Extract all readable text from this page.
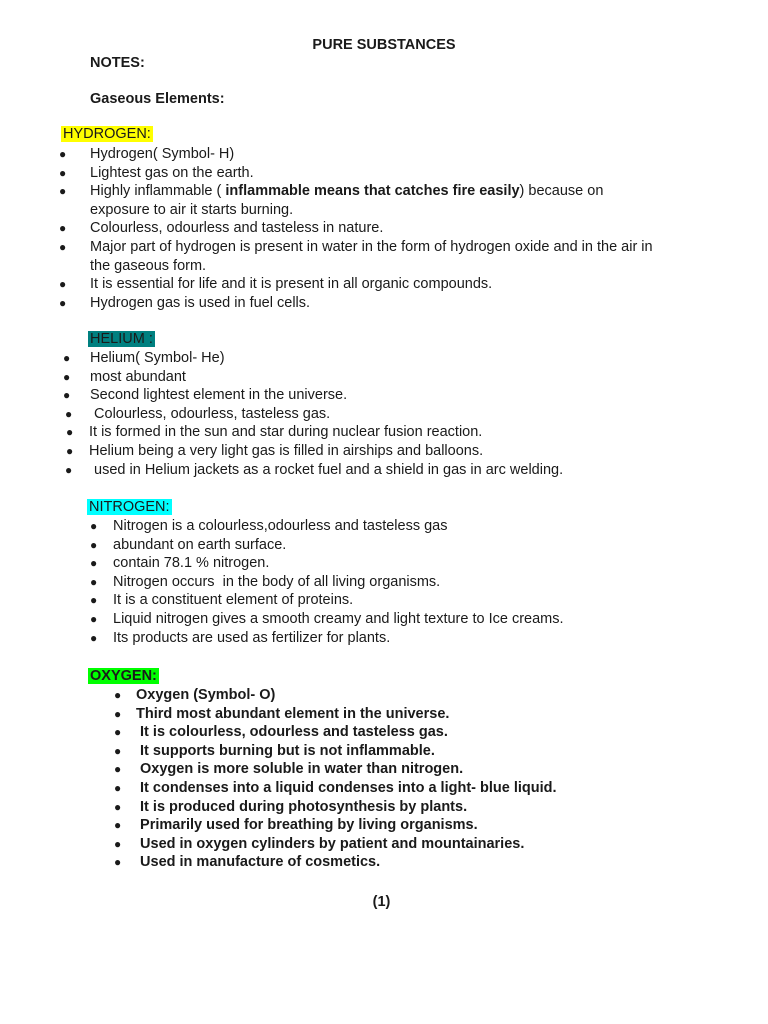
PURE SUBSTANCES
NOTES:
Gaseous Elements:
HYDROGEN:
● Hydrogen( Symbol- H)
● Lightest gas on the earth.
● Highly inflammable ( inflammable means that catches fire easily) because on
exposure to air it starts burning.
● Colourless, odourless and tasteless in nature.
● Major part of hydrogen is present in water in the form of hydrogen oxide and in the air in
the gaseous form.
● It is essential for life and it is present in all organic compounds.
● Hydrogen gas is used in fuel cells.
HELIUM :
● Helium( Symbol- He)
● most abundant
● Second lightest element in the universe.
● Colourless, odourless, tasteless gas.
● It is formed in the sun and star during nuclear fusion reaction.
● Helium being a very light gas is filled in airships and balloons.
● used in Helium jackets as a rocket fuel and a shield in gas in arc welding.
NITROGEN:
● Nitrogen is a colourless,odourless and tasteless gas
● abundant on earth surface.
● contain 78.1 % nitrogen.
● Nitrogen occurs  in the body of all living organisms.
● It is a constituent element of proteins.
● Liquid nitrogen gives a smooth creamy and light texture to Ice creams.
● Its products are used as fertilizer for plants.
OXYGEN:
● Oxygen (Symbol- O)
● Third most abundant element in the universe.
● It is colourless, odourless and tasteless gas.
● It supports burning but is not inflammable.
● Oxygen is more soluble in water than nitrogen.
● It condenses into a liquid condenses into a light- blue liquid.
● It is produced during photosynthesis by plants.
● Primarily used for breathing by living organisms.
● Used in oxygen cylinders by patient and mountainaries.
● Used in manufacture of cosmetics.
(1)
